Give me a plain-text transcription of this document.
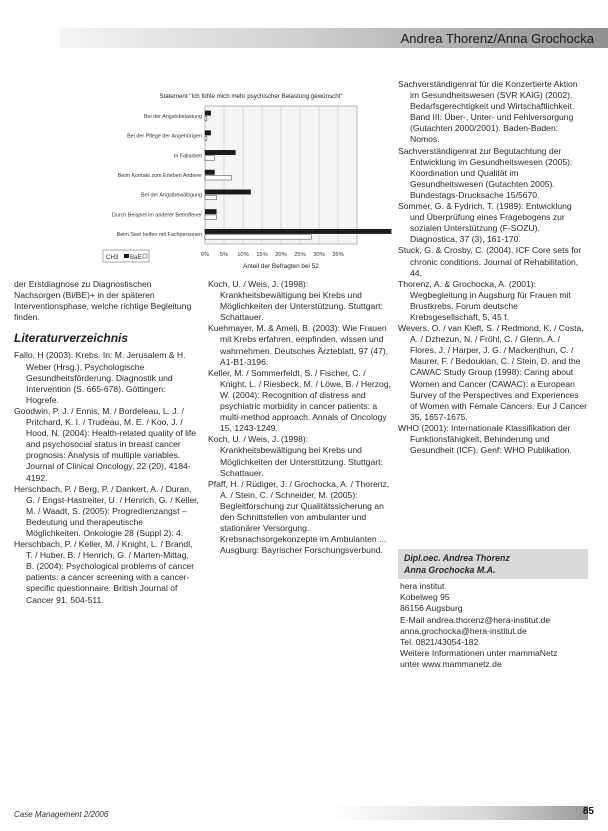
Andrea Thorenz/Anna Grochocka
Statement "Ich fühle mich mehr psychischer Belastung gewünscht"
0% 5% 10% 15% 20% 25% 30% 35%
Anteil der Befragten bei 52
Bei der Angstsbelastung
Bei der Pflege der Angehörigen
In Fallarbeit
Beim Kontakt zum Erleben Anderer
Bei der Angstbewältigung
Durch Beispiel im anderer Betroffener
Beim Seel helfen mit Fachpersonen
CH3 BaE

der Erstdiagnose zu Diagnostischen Nachsorgen (Bi/BE)+ in der späteren Interventionsphase, welche richtige Begleitung finden.

Literaturverzeichnis

Fallo, H (2003). Krebs. In: M. Jerusalem & H. Weber (Hrsg.), Psychologische Gesundheitsförderung. Diagnostik und Intervention (S. 665-678). Göttingen: Hogrefe.

Goodwin, P. J. / Ennis, M. / Bordeleau, L. J. / Pritchard, K. I. / Trudeau, M. E. / Koo, J. / Hood, N. (2004): Health-related quality of life and psychosocial status in breast cancer prognosis: Analysis of multiple variables. Journal of Clinical Oncology, 22 (20), 4184-4192.

Herschbach, P. / Berg, P. / Dankert, A. / Duran, G. / Engst-Hastreiter, U. / Henrich, G. / Keller, M. / Waadt, S. (2005): Progredienzangst – Bedeutung und therapeutische Möglichkeiten. Onkologie 28 (Suppl 2): 4.

Herschbach, P. / Keller, M. / Knight, L. / Brandl, T. / Huber, B. / Henrich, G. / Marten-Mittag, B. (2004): Psychological problems of cancer patients: a cancer screening with a cancer-specific questionnaire. British Journal of Cancer 91, 504-511.

Koch, U. / Weis, J. (1998): Krankheitsbewältigung bei Krebs und Möglichkeiten der Unterstützung. Stuttgart: Schattauer.

Kuehmayer, M. & Ameli, B. (2003): Wie Frauen mit Krebs erfahren, empfinden, wissen und wahrnehmen. Deutsches Ärzteblatt, 97 (47), A1-B1-3196.

Keller, M. / Sommerfeldt, S. / Fischer, C. / Knight, L. / Riesbeck, M. / Löwe, B. / Herzog, W. (2004): Recognition of distress and psychiatric morbidity in cancer patients: a multi-method approach. Annals of Oncology 15, 1243-1249.

Koch, U. / Weis, J. (1998): Krankheitsbewältigung bei Krebs und Möglichkeiten der Unterstützung. Stuttgart: Schattauer.

Pfaff, H. / Rüdiger, J. / Grochocka, A. / Thorenz, A. / Stein, C. / Schneider, M. (2005): Begleitforschung zur Qualitätssicherung an den Schnittstellen von ambulanter und stationärer Versorgung. Krebsnachsorgekonzepte im Ambulanten ... Ausgburg: Bayrischer Forschungsverbund.

Sachverständigenrat für die Konzertierte Aktion im Gesundheitswesen (SVR KAiG) (2002). Bedarfsgerechtigkeit und Wirtschaftlichkeit. Band III: Über-, Unter- und Fehlversorgung (Gutachten 2000/2001). Baden-Baden: Nomos.

Sachverständigenrat zur Begutachtung der Entwicklung im Gesundheitswesen (2005): Koordination und Qualität im Gesundheitswesen (Gutachten 2005). Bundestags-Drucksache 15/5670.

Sommer, G. & Fydrich, T. (1989): Entwicklung und Überprüfung eines Fragebogens zur sozialen Unterstützung (F-SOZU). Diagnostica, 37 (3), 161-170.

Stuck, G. & Crosby, C. (2004). ICF Core sets for chronic conditions. Journal of Rehabilitation, 44.

Thorenz, A. & Grochocka, A. (2001): Wegbegleitung in Augsburg für Frauen mit Brustkrebs. Forum deutsche Krebsgesellschaft, 5, 45 f.

Wevers, O. / van Kieft, S. / Redmond, K. / Costa, A. / Dzhezun, N. / Fröhl, C. / Glenn, A. / Flores, J. / Harper, J. G. / Mackenthun, C. / Maurer, F. / Bedoukian, C. / Stein, D. and the CAWAC Study Group (1998): Caring about Women and Cancer (CAWAC): a European Survey of the Perspectives and Experiences of Women with Female Cancers. Eur J Cancer 35, 1657-1675.

WHO (2001): Internationale Klassifikation der Funktionsfähigkeit, Behinderung und Gesundheit (ICF). Genf: WHO Publikation.

Dipl.oec. Andrea Thorenz
Anna Grochocka M.A.
hera institut
Kobelweg 95
86156 Augsburg
E-Mail andrea.thorenz@hera-institut.de
anna.grochocka@hera-institut.de
Tel. 0821/43054-182
Weitere Informationen unter mammaNetz
unter www.mammanetz.de
Case Management 2/2006	85
